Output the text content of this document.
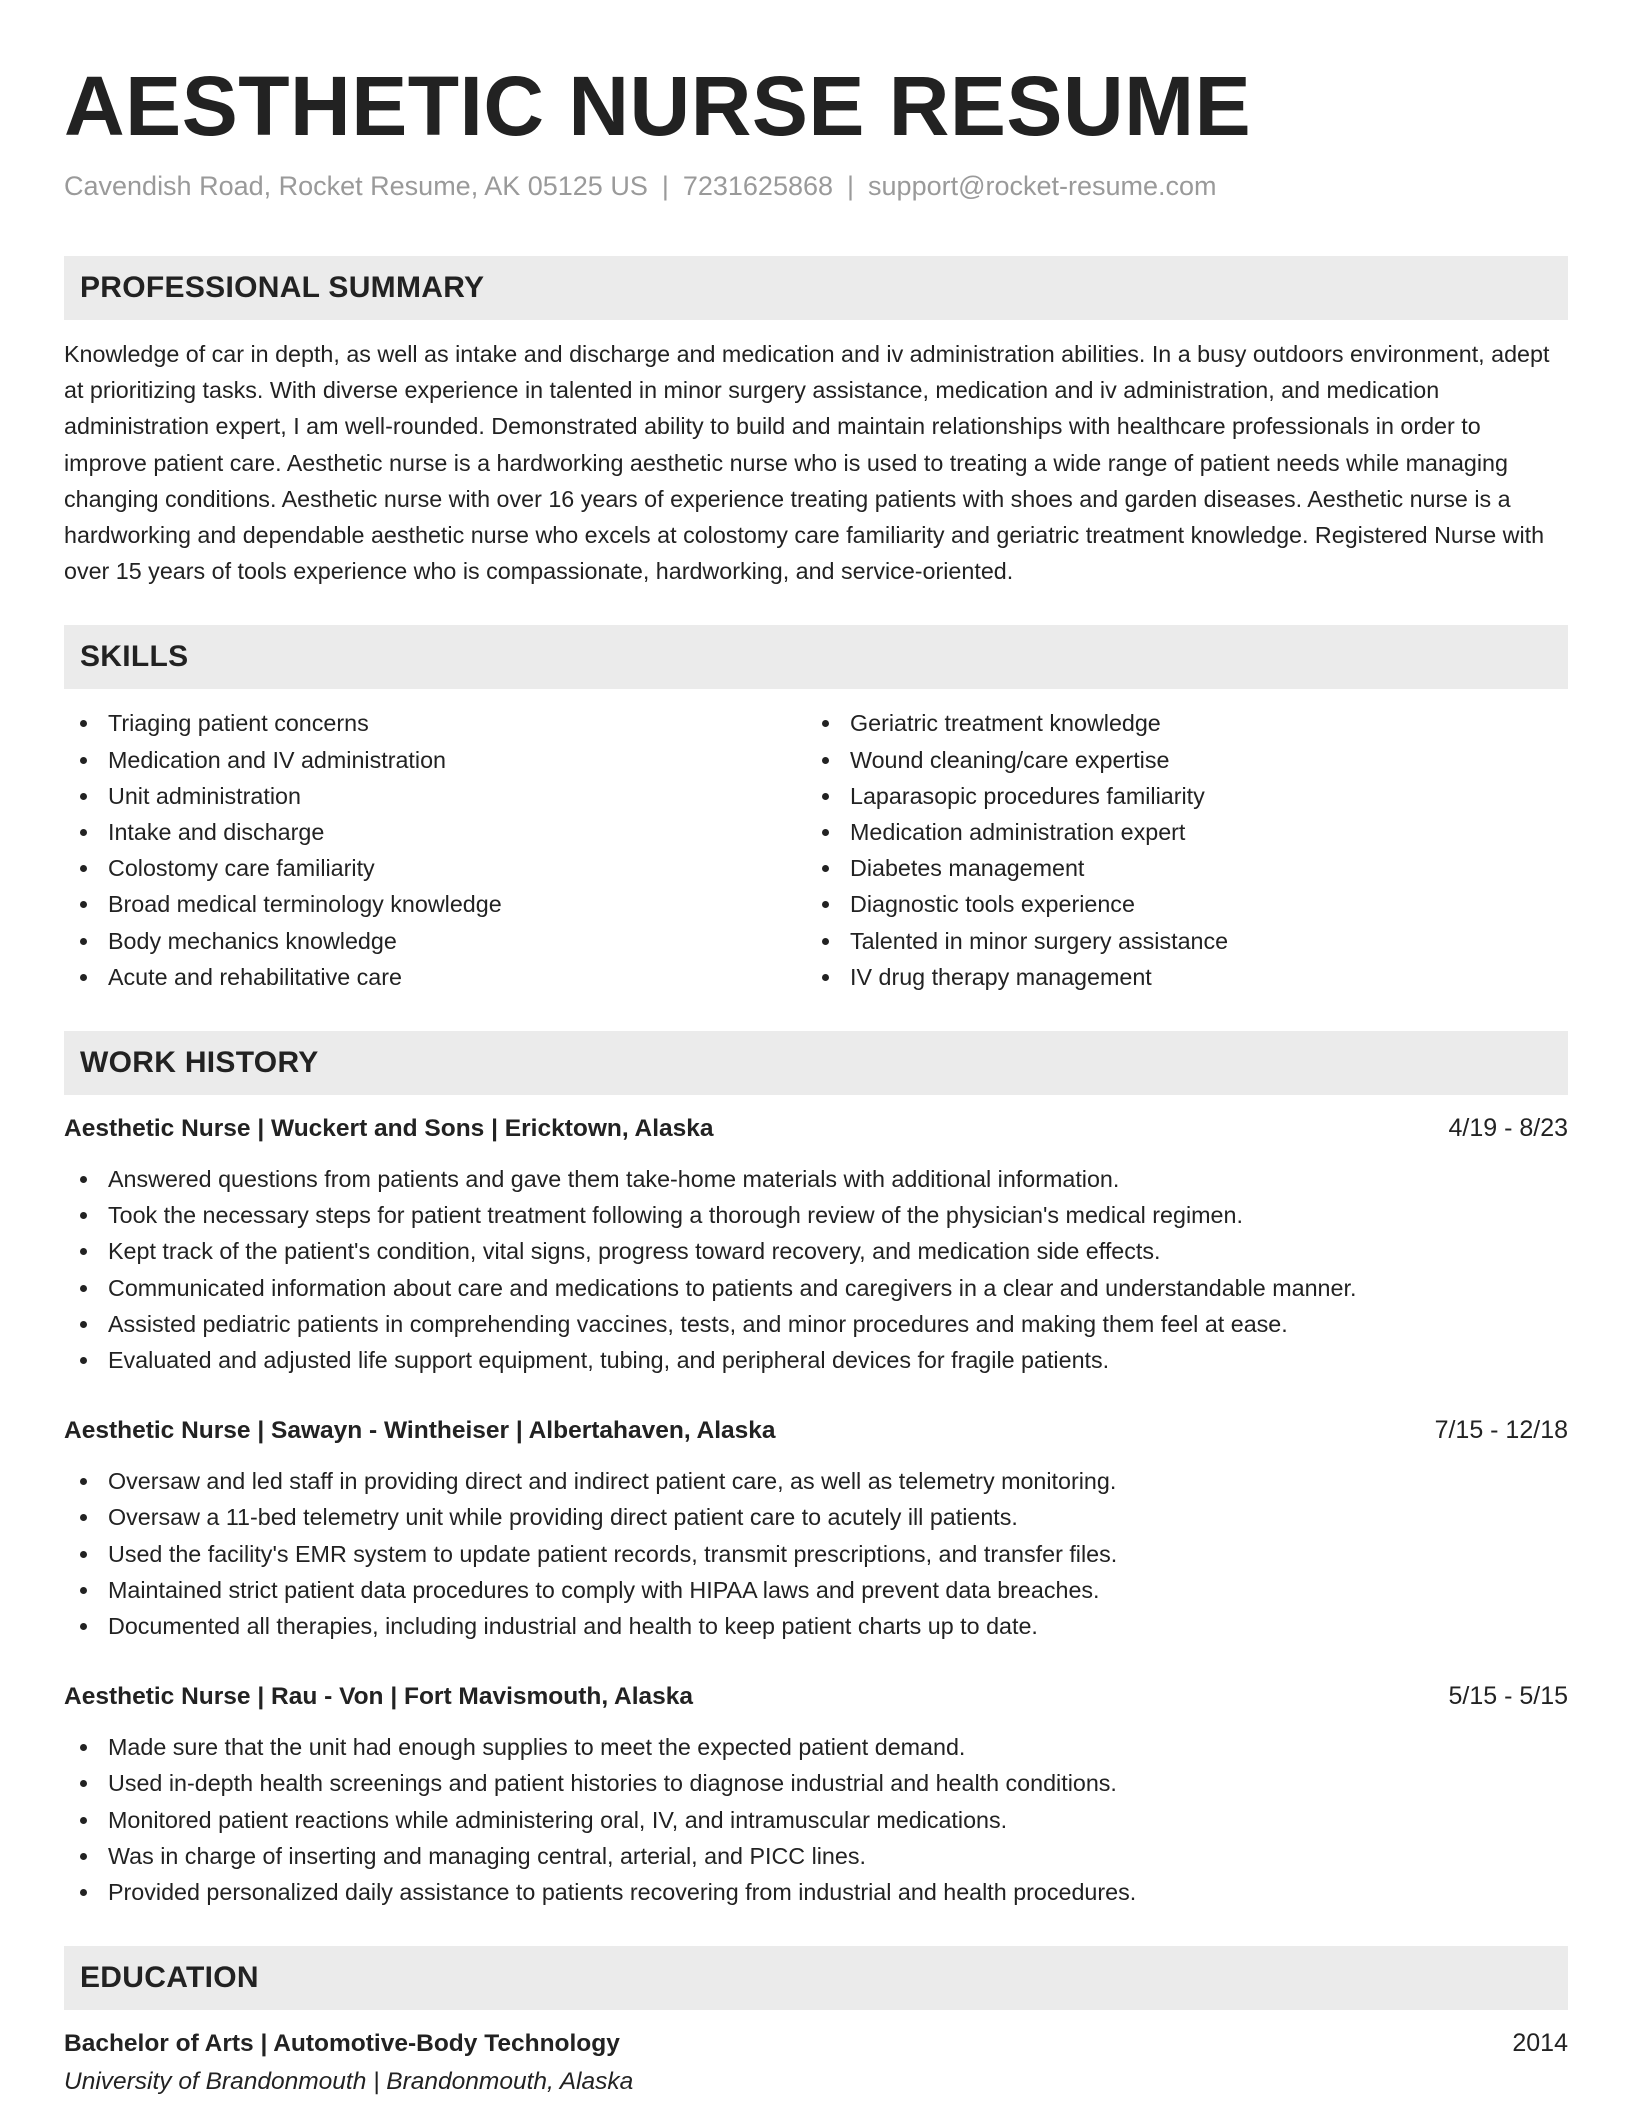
AESTHETIC NURSE RESUME
Cavendish Road, Rocket Resume, AK 05125 US | 7231625868 | support@rocket-resume.com
PROFESSIONAL SUMMARY
Knowledge of car in depth, as well as intake and discharge and medication and iv administration abilities. In a busy outdoors environment, adept at prioritizing tasks. With diverse experience in talented in minor surgery assistance, medication and iv administration, and medication administration expert, I am well-rounded. Demonstrated ability to build and maintain relationships with healthcare professionals in order to improve patient care. Aesthetic nurse is a hardworking aesthetic nurse who is used to treating a wide range of patient needs while managing changing conditions. Aesthetic nurse with over 16 years of experience treating patients with shoes and garden diseases. Aesthetic nurse is a hardworking and dependable aesthetic nurse who excels at colostomy care familiarity and geriatric treatment knowledge. Registered Nurse with over 15 years of tools experience who is compassionate, hardworking, and service-oriented.
SKILLS
Triaging patient concerns
Medication and IV administration
Unit administration
Intake and discharge
Colostomy care familiarity
Broad medical terminology knowledge
Body mechanics knowledge
Acute and rehabilitative care
Geriatric treatment knowledge
Wound cleaning/care expertise
Laparasopic procedures familiarity
Medication administration expert
Diabetes management
Diagnostic tools experience
Talented in minor surgery assistance
IV drug therapy management
WORK HISTORY
Aesthetic Nurse | Wuckert and Sons | Ericktown, Alaska	4/19 - 8/23
Answered questions from patients and gave them take-home materials with additional information.
Took the necessary steps for patient treatment following a thorough review of the physician's medical regimen.
Kept track of the patient's condition, vital signs, progress toward recovery, and medication side effects.
Communicated information about care and medications to patients and caregivers in a clear and understandable manner.
Assisted pediatric patients in comprehending vaccines, tests, and minor procedures and making them feel at ease.
Evaluated and adjusted life support equipment, tubing, and peripheral devices for fragile patients.
Aesthetic Nurse | Sawayn - Wintheiser | Albertahaven, Alaska	7/15 - 12/18
Oversaw and led staff in providing direct and indirect patient care, as well as telemetry monitoring.
Oversaw a 11-bed telemetry unit while providing direct patient care to acutely ill patients.
Used the facility's EMR system to update patient records, transmit prescriptions, and transfer files.
Maintained strict patient data procedures to comply with HIPAA laws and prevent data breaches.
Documented all therapies, including industrial and health to keep patient charts up to date.
Aesthetic Nurse | Rau - Von | Fort Mavismouth, Alaska	5/15 - 5/15
Made sure that the unit had enough supplies to meet the expected patient demand.
Used in-depth health screenings and patient histories to diagnose industrial and health conditions.
Monitored patient reactions while administering oral, IV, and intramuscular medications.
Was in charge of inserting and managing central, arterial, and PICC lines.
Provided personalized daily assistance to patients recovering from industrial and health procedures.
EDUCATION
Bachelor of Arts | Automotive-Body Technology	2014
University of Brandonmouth | Brandonmouth, Alaska
